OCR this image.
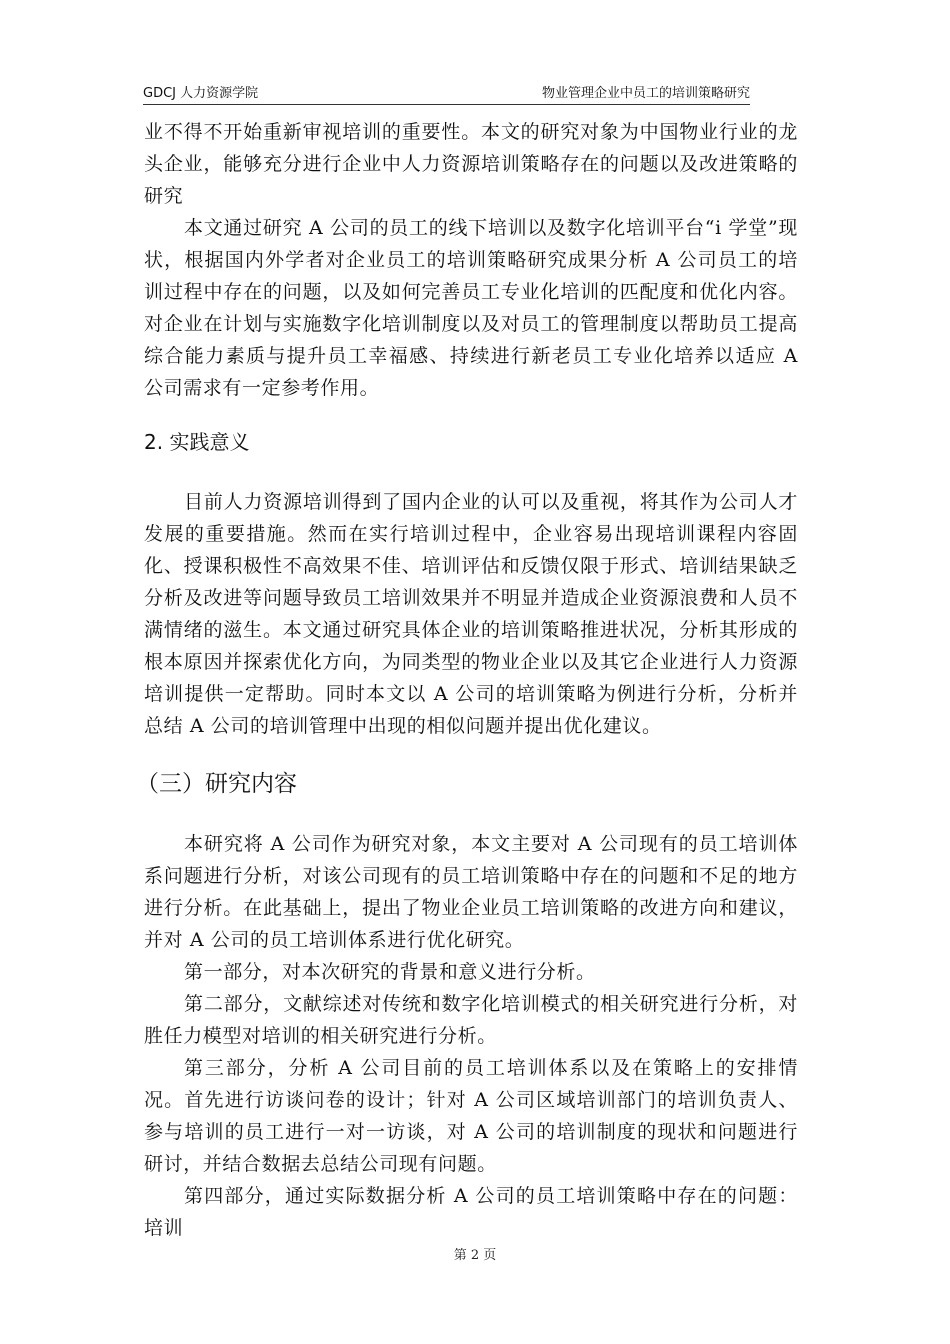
GDCJ 人力资源学院	物业管理企业中员工的培训策略研究

业不得不开始重新审视培训的重要性。本文的研究对象为中国物业行业的龙头企业，能够充分进行企业中人力资源培训策略存在的问题以及改进策略的研究

本文通过研究 A 公司的员工的线下培训以及数字化培训平台“i 学堂”现状，根据国内外学者对企业员工的培训策略研究成果分析 A 公司员工的培训过程中存在的问题，以及如何完善员工专业化培训的匹配度和优化内容。对企业在计划与实施数字化培训制度以及对员工的管理制度以帮助员工提高综合能力素质与提升员工幸福感、持续进行新老员工专业化培养以适应 A 公司需求有一定参考作用。

2. 实践意义

目前人力资源培训得到了国内企业的认可以及重视，将其作为公司人才发展的重要措施。然而在实行培训过程中，企业容易出现培训课程内容固化、授课积极性不高效果不佳、培训评估和反馈仅限于形式、培训结果缺乏分析及改进等问题导致员工培训效果并不明显并造成企业资源浪费和人员不满情绪的滋生。本文通过研究具体企业的培训策略推进状况，分析其形成的根本原因并探索优化方向，为同类型的物业企业以及其它企业进行人力资源培训提供一定帮助。同时本文以 A 公司的培训策略为例进行分析，分析并总结 A 公司的培训管理中出现的相似问题并提出优化建议。

（三）研究内容

本研究将 A 公司作为研究对象，本文主要对 A 公司现有的员工培训体系问题进行分析，对该公司现有的员工培训策略中存在的问题和不足的地方进行分析。在此基础上，提出了物业企业员工培训策略的改进方向和建议，并对 A 公司的员工培训体系进行优化研究。

第一部分，对本次研究的背景和意义进行分析。

第二部分，文献综述对传统和数字化培训模式的相关研究进行分析，对胜任力模型对培训的相关研究进行分析。

第三部分，分析 A 公司目前的员工培训体系以及在策略上的安排情况。首先进行访谈问卷的设计；针对 A 公司区域培训部门的培训负责人、参与培训的员工进行一对一访谈，对 A 公司的培训制度的现状和问题进行研讨，并结合数据去总结公司现有问题。

第四部分，通过实际数据分析 A 公司的员工培训策略中存在的问题：培训

第 2 页
